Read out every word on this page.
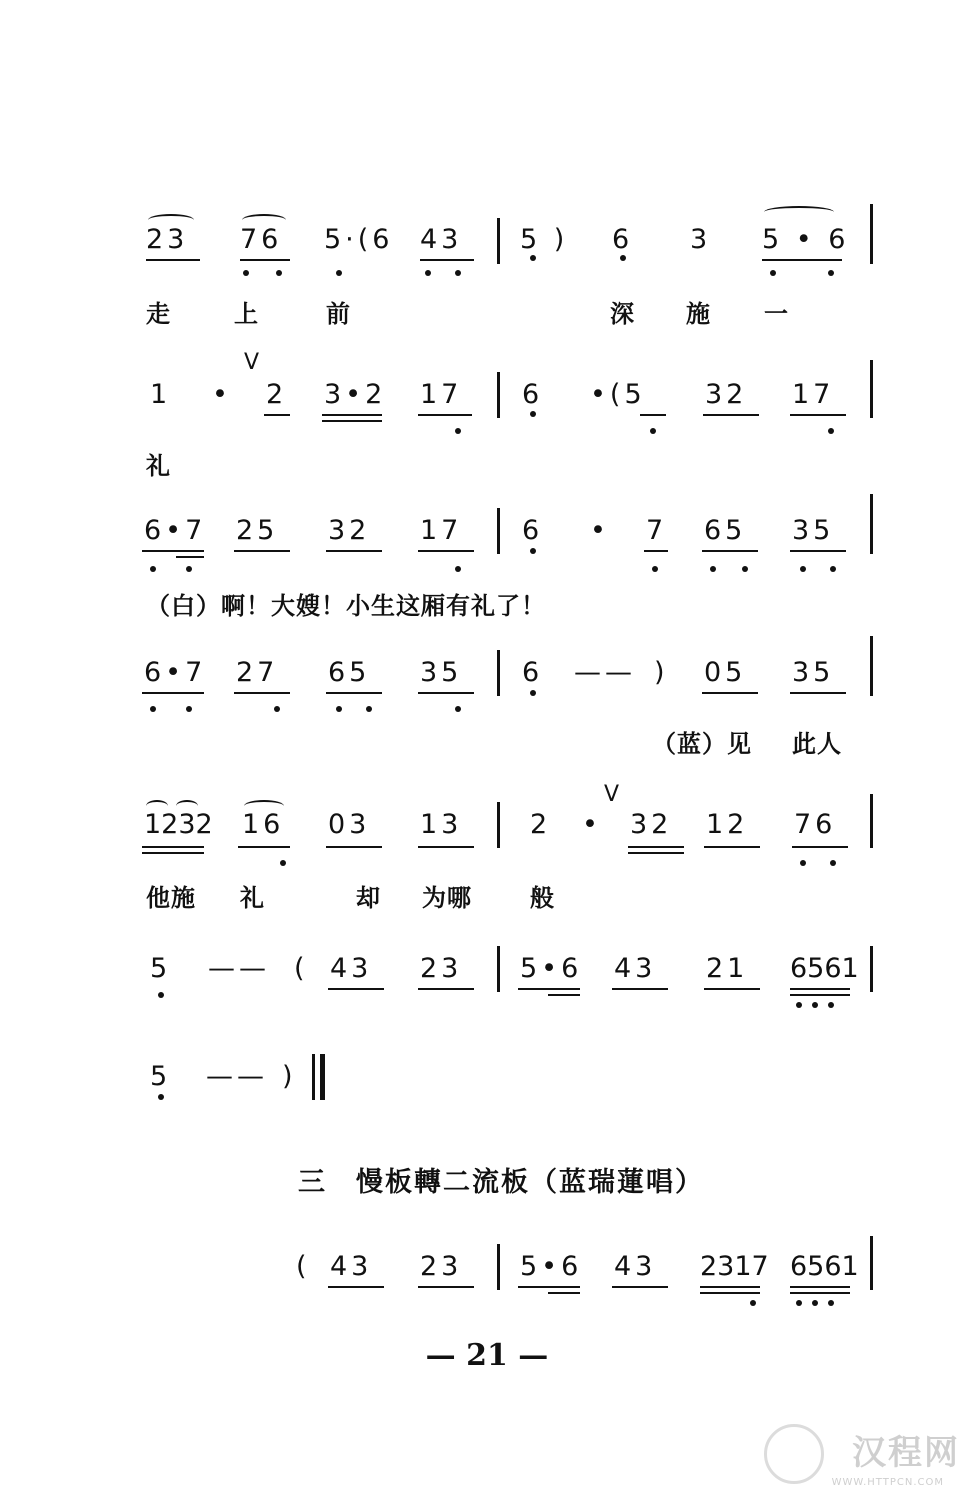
23 76 5·(6 43 5 ) 6 3 5 • 6
走	上	前	深 施 一
V
1 • 2 3•2 17 6 •(5 32 17
礼
6•7 25 32 17 6 • 7 65 35
（白）啊！大嫂！小生这厢有礼了！
6•7 27 65 35 6 —— ) 05 35
（蓝）见 此人
V
1232 16 03 13	2 • 32 12 76
他施 礼	却 为哪 般
5 —— ( 43 23 5•6 43 21 6561
5 —— )
三　慢板轉二流板（蓝瑞蓮唱）
( 43 23 5•6 43 2317 6561
— 21 —
汉程网
WWW.HTTPCN.COM
